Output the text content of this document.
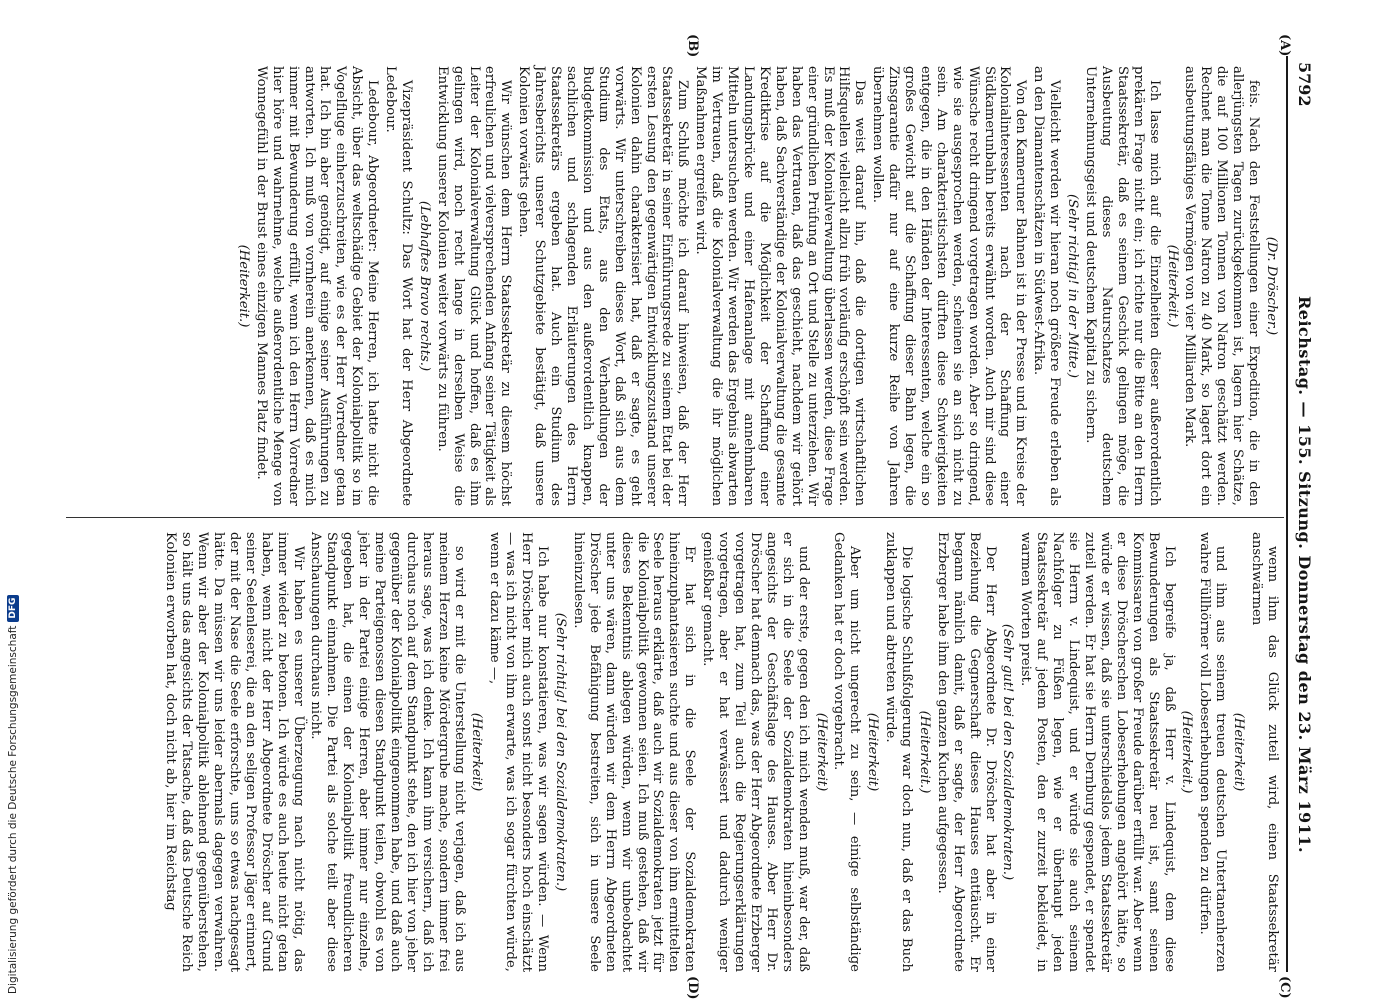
5792
Reichstag. — 155. Sitzung. Donnerstag den 23. März 1911.
(A)
(B)
(C)
(D)

(Dr. Dröscher.)

feis. Nach den Feststellungen einer Expedition, die in den allerjüngsten Tagen zurückgekommen ist, lagern hier Schätze, die auf 100 Millionen Tonnen von Natron geschätzt werden. Rechnet man die Tonne Natron zu 40 Mark, so lagert dort ein ausbeutungsfähiges Vermögen von vier Milliarden Mark.

(Heiterkeit.)

Ich lasse mich auf die Einzelheiten dieser außerordentlich prekären Frage nicht ein; ich richte nur die Bitte an den Herrn Staatssekretär, daß es seinem Geschick gelingen möge, die Ausbeutung dieses Naturschatzes deutschem Unternehmungsgeist und deutschem Kapital zu sichern.

(Sehr richtig! in der Mitte.)

Vielleicht werden wir hieran noch größere Freude erleben als an den Diamantenschätzen in Südwest-Afrika.

Von den Kameruner Bahnen ist in der Presse und im Kreise der Kolonialinteressenten nach der Schaffung einer Südkamerunbahn bereits erwähnt worden. Auch mir sind diese Wünsche recht dringend vorgetragen worden. Aber so dringend, wie sie ausgesprochen werden, scheinen sie an sich nicht zu sein. Am charakteristischsten dürften diese Schwierigkeiten entgegen, die in den Händen der Interessenten, welche ein so großes Gewicht auf die Schaffung dieser Bahn legen, die Zinsgarantie dafür nur auf eine kurze Reihe von Jahren übernehmen wollen.

Das weist darauf hin, daß die dortigen wirtschaftlichen Hilfsquellen vielleicht allzu früh vorläufig erschöpft sein werden. Es muß der Kolonialverwaltung überlassen werden, diese Frage einer gründlichen Prüfung an Ort und Stelle zu unterziehen. Wir haben das Vertrauen, daß das geschieht, nachdem wir gehört haben, daß Sachverständige der Kolonialverwaltung die gesamte Kreditkrise auf die Möglichkeit der Schaffung einer Landungsbrücke und einer Hafenanlage mit annehmbaren Mitteln untersuchen werden. Wir werden das Ergebnis abwarten im Vertrauen, daß die Kolonialverwaltung die ihr möglichen Maßnahmen ergreifen wird.

Zum Schluß möchte ich darauf hinweisen, daß der Herr Staatssekretär in seiner Einführungsrede zu seinem Etat bei der ersten Lesung den gegenwärtigen Entwicklungszustand unserer Kolonien dahin charakterisiert hat, daß er sagte, es geht vorwärts. Wir unterschreiben dieses Wort, daß sich aus dem Studium des Etats, aus den Verhandlungen der Budgetkommission und aus den außerordentlich knappen, sachlichen und schlagenden Erläuterungen des Herrn Staatssekretärs ergeben hat. Auch ein Studium des Jahresberichts unserer Schutzgebiete bestätigt, daß unsere Kolonien vorwärts gehen.

Wir wünschen dem Herrn Staatssekretär zu diesem höchst erfreulichen und vielversprechenden Anfang seiner Tätigkeit als Leiter der Kolonialverwaltung Glück und hoffen, daß es ihm gelingen wird, noch recht lange in derselben Weise die Entwicklung unserer Kolonien weiter vorwärts zu führen.

(Lebhaftes Bravo rechts.)

Vizepräsident Schultz: Das Wort hat der Herr Abgeordnete Ledebour.

Ledebour, Abgeordneter: Meine Herren, ich hatte nicht die Absicht, über das weltschädige Gebiet der Kolonialpolitik so im Vogelfluge einherzuschreiten, wie es der Herr Vorredner getan hat. Ich bin aber genötigt, auf einige seiner Ausführungen zu antworten. Ich muß von vornherein anerkennen, daß es mich immer mit Bewunderung erfüllt, wenn ich den Herrn Vorredner hier höre und wahrnehme, welche außerordentliche Menge von Wonnegefühl in der Brust eines einzigen Mannes Platz findet.

(Heiterkeit.)

wenn ihm das Glück zuteil wird, einen Staatssekretär anschwärmen

(Heiterkeit)

und ihm aus seinem treuen deutschen Untertanenherzen wahre Füllhörner voll Lobeserhebungen spenden zu dürfen.

(Heiterkeit.)

Ich begreife ja, daß Herr v. Lindequist, dem diese Bewunderungen als Staatssekretär neu ist, samt seinen Kommissaren von großer Freude darüber erfüllt war. Aber wenn er diese Dröscherschen Lobeserhebungen angehört hätte, so würde er wissen, daß sie unterschiedslos jedem Staatssekretär zuteil werden. Er hat sie Herrn Dernburg gespendet, er spendet sie Herrn v. Lindequist, und er würde sie auch seinem Nachfolger zu Füßen legen, wie er überhaupt jeden Staatssekretär auf jedem Posten, den er zurzeit bekleidet, in warmen Worten preist.

(Sehr gut! bei den Sozialdemokraten.)

Der Herr Abgeordnete Dr. Dröscher hat aber in einer Beziehung die Gegnerschaft dieses Hauses enttäuscht. Er begann nämlich damit, daß er sagte, der Herr Abgeordnete Erzberger habe ihm den ganzen Kuchen aufgegessen.

(Heiterkeit.)

Die logische Schlußfolgerung war doch nun, daß er das Buch zuklappen und abtreten würde.

(Heiterkeit)

Aber um nicht ungerecht zu sein, — einige selbständige Gedanken hat er doch vorgebracht.

(Heiterkeit)

und der erste, gegen den ich mich wenden muß, war der, daß er sich in die Seele der Sozialdemokraten hineinbesonders angesichts der Geschäftslage des Hauses. Aber Herr Dr. Dröscher hat demnach das, was der Herr Abgeordnete Erzberger vorgetragen hat, zum Teil auch die Regierungserklärungen vorgetragen, aber er hat verwässert und dadurch weniger genießbar gemacht.

Er hat sich in die Seele der Sozialdemokraten hineinzuphantasieren suchte und aus dieser von ihm ermittelten Seele heraus erklärte, daß auch wir Sozialdemokraten jetzt für die Kolonialpolitik gewonnen seien. Ich muß gestehen, daß wir dieses Bekenntnis ablegen würden, wenn wir unbeobachtet unter uns wären, dann würden wir dem Herrn Abgeordneten Dröscher jede Befähigung bestreiten, sich in unsere Seele hineinzulesen.

(Sehr richtig! bei den Sozialdemokraten.)

Ich habe nur konstatieren, was wir sagen würden. — Wenn Herr Dröscher mich auch sonst nicht besonders hoch einschätzt — was ich nicht von ihm erwarte, was ich sogar fürchten würde, wenn er dazu käme —,

(Heiterkeit)

so wird er mit die Unterstellung nicht verjagen, daß ich aus meinem Herzen keine Mördergrube mache, sondern immer frei heraus sage, was ich denke. Ich kann ihm versichern, daß ich durchaus noch auf dem Standpunkt stehe, den ich hier von jeher gegenüber der Kolonialpolitik eingenommen habe, und daß auch meine Parteigenossen diesen Standpunkt teilen, obwohl es von jeher in der Partei einige Herren, aber immer nur einzelne, gegeben hat, die einen der Kolonialpolitik freundlicheren Standpunkt einnahmen. Die Partei als solche teilt aber diese Anschauungen durchaus nicht.

Wir haben es unserer Überzeugung nach nicht nötig, das immer wieder zu betonen. Ich würde es auch heute nicht getan haben, wenn nicht der Herr Abgeordnete Dröscher auf Grund seiner Seelenleserei, die an den seligen Professor Jäger erinnert, der mit der Nase die Seele erforschte, uns so etwas nachgesagt hätte. Da müssen wir uns leider abermals dagegen verwahren. Wenn wir aber der Kolonialpolitik ablehnend gegenüberstehen, so hält uns das angesichts der Tatsache, daß das Deutsche Reich Kolonien erworben hat, doch nicht ab, hier im Reichstag

Digitalisierung gefördert durch die Deutsche Forschungsgemeinschaft
DFG
